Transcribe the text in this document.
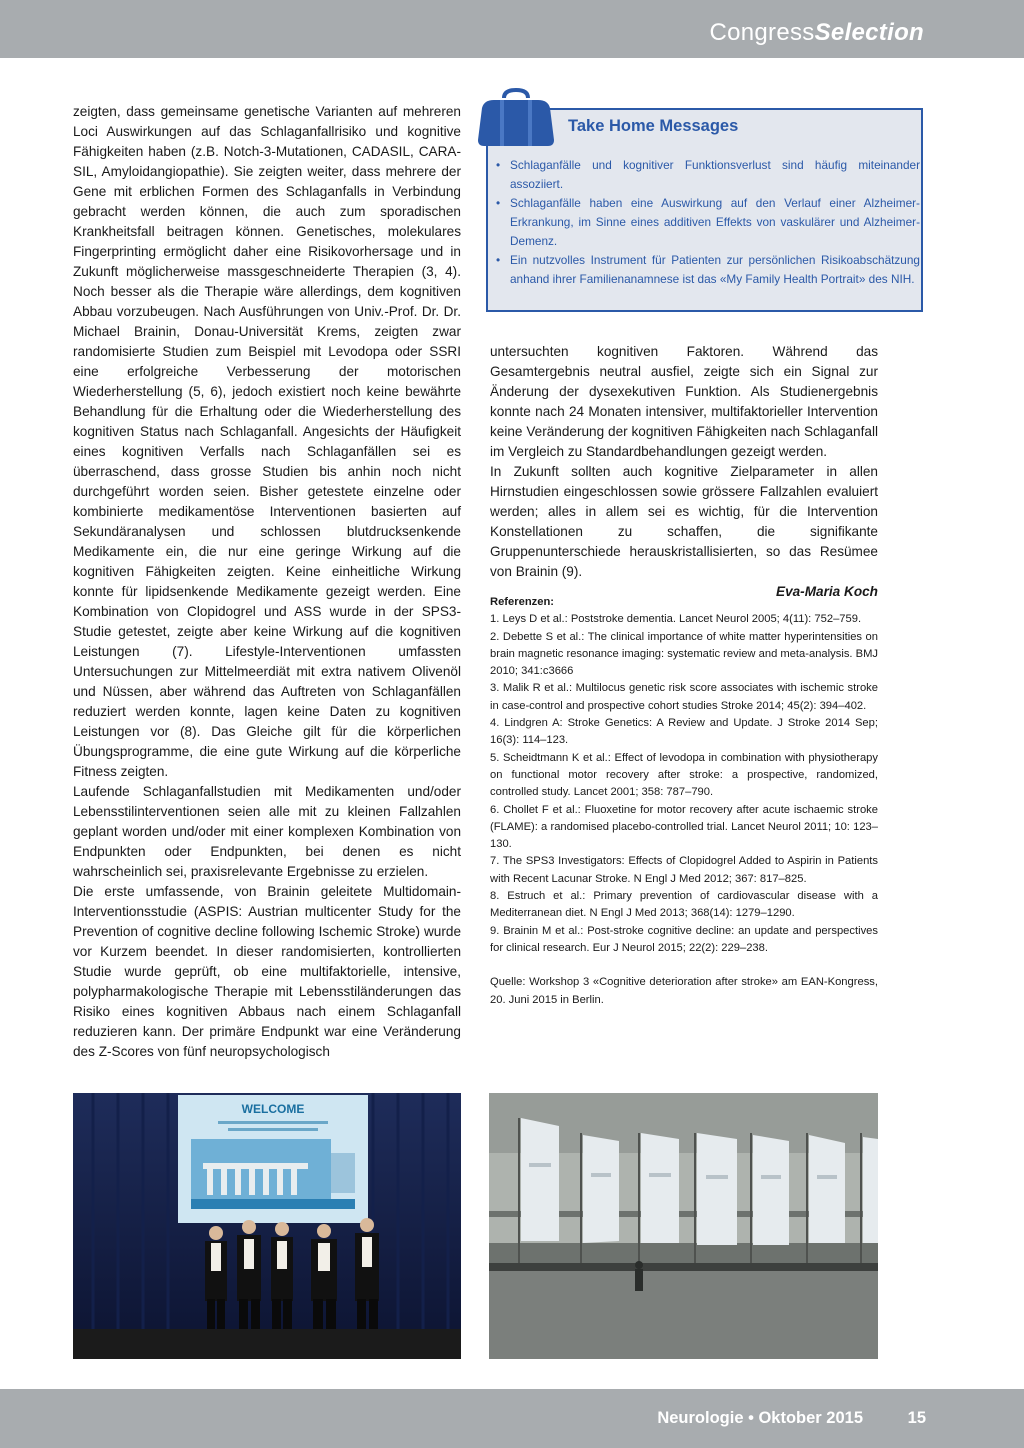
CongressSelection

zeigten, dass gemeinsame genetische Varianten auf mehreren Loci Auswirkungen auf das Schlaganfallrisiko und kognitive Fähigkeiten haben (z.B. Notch-3-Mutationen, CADASIL, CARA-SIL, Amyloidangiopathie). Sie zeigten weiter, dass mehrere der Gene mit erblichen Formen des Schlaganfalls in Verbindung gebracht werden können, die auch zum sporadischen Krankheitsfall beitragen können. Genetisches, molekulares Fingerprinting ermöglicht daher eine Risikovorhersage und in Zukunft möglicherweise massgeschneiderte Therapien (3, 4). Noch besser als die Therapie wäre allerdings, dem kognitiven Abbau vorzubeugen. Nach Ausführungen von Univ.-Prof. Dr. Dr. Michael Brainin, Donau-Universität Krems, zeigten zwar randomisierte Studien zum Beispiel mit Levodopa oder SSRI eine erfolgreiche Verbesserung der motorischen Wiederherstellung (5, 6), jedoch existiert noch keine bewährte Behandlung für die Erhaltung oder die Wiederherstellung des kognitiven Status nach Schlaganfall. Angesichts der Häufigkeit eines kognitiven Verfalls nach Schlaganfällen sei es überraschend, dass grosse Studien bis anhin noch nicht durchgeführt worden seien. Bisher getestete einzelne oder kombinierte medikamentöse Interventionen basierten auf Sekundäranalysen und schlossen blutdrucksenkende Medikamente ein, die nur eine geringe Wirkung auf die kognitiven Fähigkeiten zeigten. Keine einheitliche Wirkung konnte für lipidsenkende Medikamente gezeigt werden. Eine Kombination von Clopidogrel und ASS wurde in der SPS3-Studie getestet, zeigte aber keine Wirkung auf die kognitiven Leistungen (7). Lifestyle-Interventionen umfassten Untersuchungen zur Mittelmeerdiät mit extra nativem Olivenöl und Nüssen, aber während das Auftreten von Schlaganfällen reduziert werden konnte, lagen keine Daten zu kognitiven Leistungen vor (8). Das Gleiche gilt für die körperlichen Übungsprogramme, die eine gute Wirkung auf die körperliche Fitness zeigten.

Laufende Schlaganfallstudien mit Medikamenten und/oder Lebensstilinterventionen seien alle mit zu kleinen Fallzahlen geplant worden und/oder mit einer komplexen Kombination von Endpunkten oder Endpunkten, bei denen es nicht wahrscheinlich sei, praxisrelevante Ergebnisse zu erzielen.

Die erste umfassende, von Brainin geleitete Multidomain-Interventionsstudie (ASPIS: Austrian multicenter Study for the Prevention of cognitive decline following Ischemic Stroke) wurde vor Kurzem beendet. In dieser randomisierten, kontrollierten Studie wurde geprüft, ob eine multifaktorielle, intensive, polypharmakologische Therapie mit Lebensstiländerungen das Risiko eines kognitiven Abbaus nach einem Schlaganfall reduzieren kann. Der primäre Endpunkt war eine Veränderung des Z-Scores von fünf neuropsychologisch

Take Home Messages
• Schlaganfälle und kognitiver Funktionsverlust sind häufig miteinander assoziiert.
• Schlaganfälle haben eine Auswirkung auf den Verlauf einer Alzheimer-Erkrankung, im Sinne eines additiven Effekts von vaskulärer und Alzheimer-Demenz.
• Ein nutzvolles Instrument für Patienten zur persönlichen Risikoabschätzung anhand ihrer Familienanamnese ist das «My Family Health Portrait» des NIH.

untersuchten kognitiven Faktoren. Während das Gesamtergebnis neutral ausfiel, zeigte sich ein Signal zur Änderung der dysexekutiven Funktion. Als Studienergebnis konnte nach 24 Monaten intensiver, multifaktorieller Intervention keine Veränderung der kognitiven Fähigkeiten nach Schlaganfall im Vergleich zu Standardbehandlungen gezeigt werden.

In Zukunft sollten auch kognitive Zielparameter in allen Hirnstudien eingeschlossen sowie grössere Fallzahlen evaluiert werden; alles in allem sei es wichtig, für die Intervention Konstellationen zu schaffen, die signifikante Gruppenunterschiede herauskristallisierten, so das Resümee von Brainin (9).

Eva-Maria Koch

Referenzen:

1. Leys D et al.: Poststroke dementia. Lancet Neurol 2005; 4(11): 752–759.

2. Debette S et al.: The clinical importance of white matter hyperintensities on brain magnetic resonance imaging: systematic review and meta-analysis. BMJ 2010; 341:c3666

3. Malik R et al.: Multilocus genetic risk score associates with ischemic stroke in case-control and prospective cohort studies Stroke 2014; 45(2): 394–402.

4. Lindgren A: Stroke Genetics: A Review and Update. J Stroke 2014 Sep; 16(3): 114–123.

5. Scheidtmann K et al.: Effect of levodopa in combination with physiotherapy on functional motor recovery after stroke: a prospective, randomized, controlled study. Lancet 2001; 358: 787–790.

6. Chollet F et al.: Fluoxetine for motor recovery after acute ischaemic stroke (FLAME): a randomised placebo-controlled trial. Lancet Neurol 2011; 10: 123–130.

7. The SPS3 Investigators: Effects of Clopidogrel Added to Aspirin in Patients with Recent Lacunar Stroke. N Engl J Med 2012; 367: 817–825.

8. Estruch et al.: Primary prevention of cardiovascular disease with a Mediterranean diet. N Engl J Med 2013; 368(14): 1279–1290.

9. Brainin M et al.: Post-stroke cognitive decline: an update and perspectives for clinical research. Eur J Neurol 2015; 22(2): 229–238.

Quelle: Workshop 3 «Cognitive deterioration after stroke» am EAN-Kongress, 20. Juni 2015 in Berlin.

WELCOME
Neurologie • Oktober 2015	15
